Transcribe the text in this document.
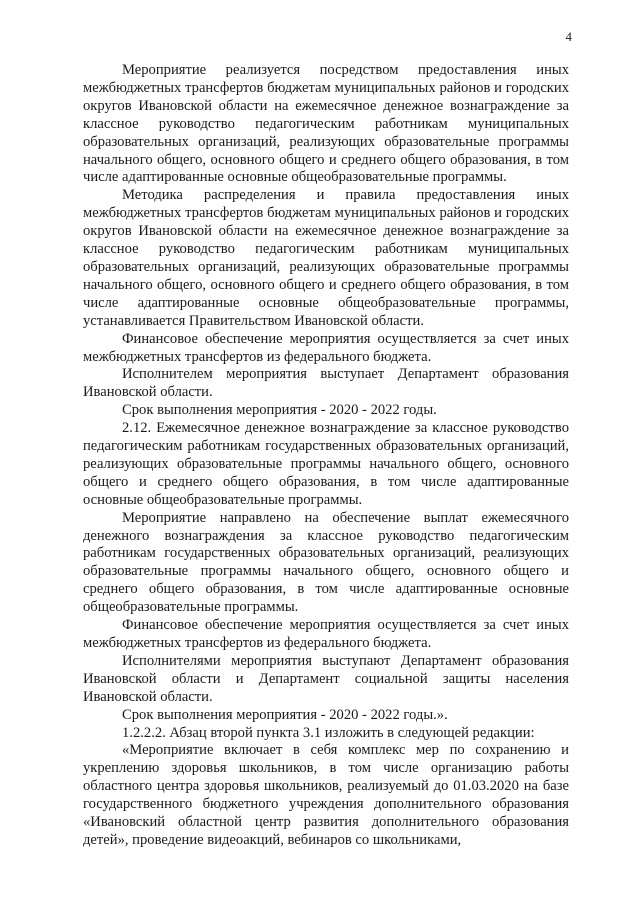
4

Мероприятие реализуется посредством предоставления иных межбюджетных трансфертов бюджетам муниципальных районов и городских округов Ивановской области на ежемесячное денежное вознаграждение за классное руководство педагогическим работникам муниципальных образовательных организаций, реализующих образовательные программы начального общего, основного общего и среднего общего образования, в том числе адаптированные основные общеобразовательные программы.

Методика распределения и правила предоставления иных межбюджетных трансфертов бюджетам муниципальных районов и городских округов Ивановской области на ежемесячное денежное вознаграждение за классное руководство педагогическим работникам муниципальных образовательных организаций, реализующих образовательные программы начального общего, основного общего и среднего общего образования, в том числе адаптированные основные общеобразовательные программы, устанавливается Правительством Ивановской области.

Финансовое обеспечение мероприятия осуществляется за счет иных межбюджетных трансфертов из федерального бюджета.

Исполнителем мероприятия выступает Департамент образования Ивановской области.

Срок выполнения мероприятия - 2020 - 2022 годы.

2.12. Ежемесячное денежное вознаграждение за классное руководство педагогическим работникам государственных образовательных организаций, реализующих образовательные программы начального общего, основного общего и среднего общего образования, в том числе адаптированные основные общеобразовательные программы.

Мероприятие направлено на обеспечение выплат ежемесячного денежного вознаграждения за классное руководство педагогическим работникам государственных образовательных организаций, реализующих образовательные программы начального общего, основного общего и среднего общего образования, в том числе адаптированные основные общеобразовательные программы.

Финансовое обеспечение мероприятия осуществляется за счет иных межбюджетных трансфертов из федерального бюджета.

Исполнителями мероприятия выступают Департамент образования Ивановской области и Департамент социальной защиты населения Ивановской области.

Срок выполнения мероприятия - 2020 - 2022 годы.».

1.2.2.2. Абзац второй пункта 3.1 изложить в следующей редакции:

«Мероприятие включает в себя комплекс мер по сохранению и укреплению здоровья школьников, в том числе организацию работы областного центра здоровья школьников, реализуемый до 01.03.2020 на базе государственного бюджетного учреждения дополнительного образования «Ивановский областной центр развития дополнительного образования детей», проведение видеоакций, вебинаров со школьниками,
